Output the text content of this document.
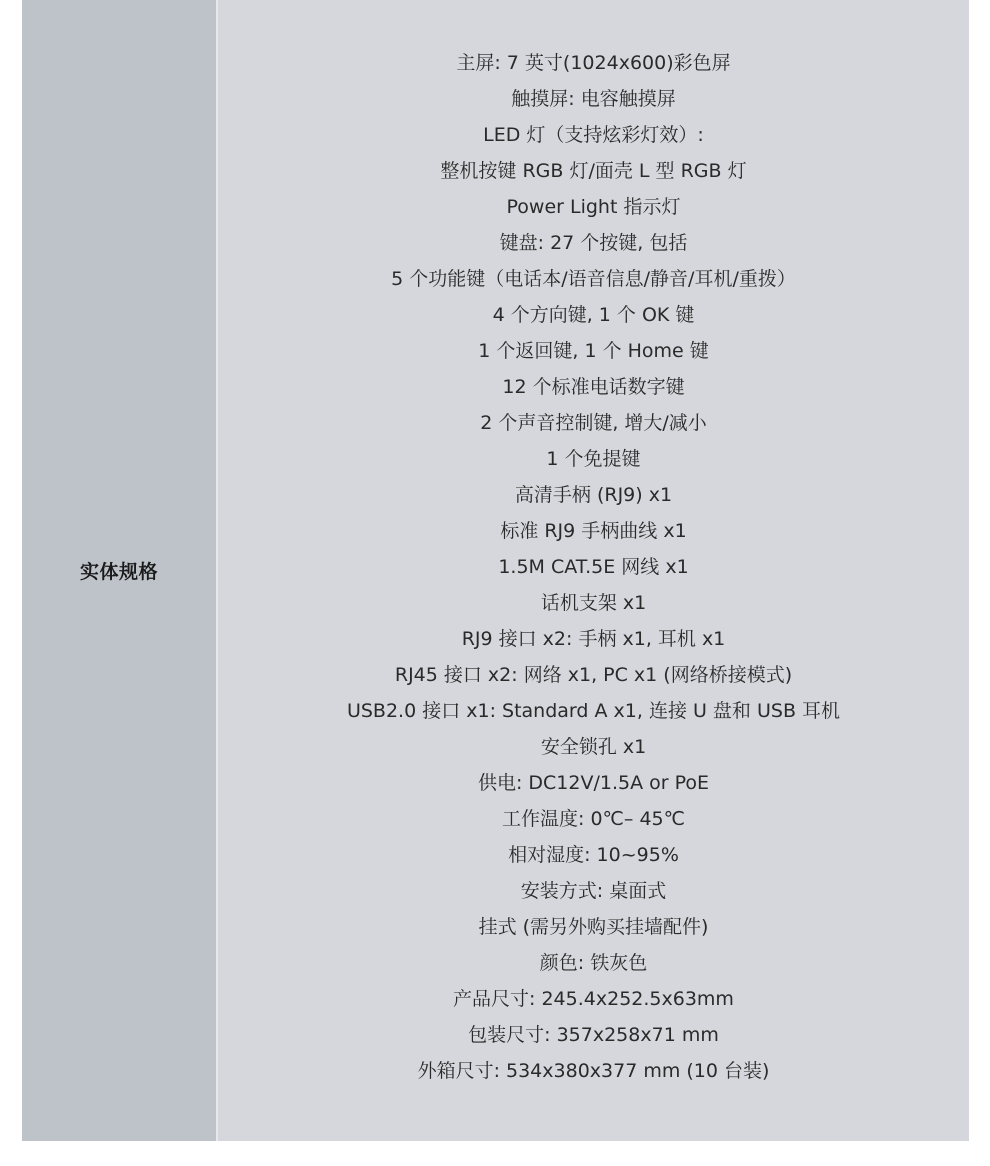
实体规格
主屏: 7 英寸(1024x600)彩色屏
触摸屏: 电容触摸屏
LED 灯（支持炫彩灯效）:
整机按键 RGB 灯/面壳 L 型 RGB 灯
Power Light 指示灯
键盘: 27 个按键, 包括
5 个功能键（电话本/语音信息/静音/耳机/重拨）
4 个方向键, 1 个 OK 键
1 个返回键, 1 个 Home 键
12 个标准电话数字键
2 个声音控制键, 增大/减小
1 个免提键
高清手柄 (RJ9) x1
标准 RJ9 手柄曲线 x1
1.5M CAT.5E 网线 x1
话机支架 x1
RJ9 接口 x2: 手柄 x1, 耳机 x1
RJ45 接口 x2: 网络 x1, PC x1 (网络桥接模式)
USB2.0 接口 x1: Standard A x1, 连接 U 盘和 USB 耳机
安全锁孔 x1
供电: DC12V/1.5A or PoE
工作温度: 0℃– 45℃
相对湿度: 10~95%
安装方式: 桌面式
挂式 (需另外购买挂墙配件)
颜色: 铁灰色
产品尺寸: 245.4x252.5x63mm
包装尺寸: 357x258x71 mm
外箱尺寸: 534x380x377 mm (10 台装)
